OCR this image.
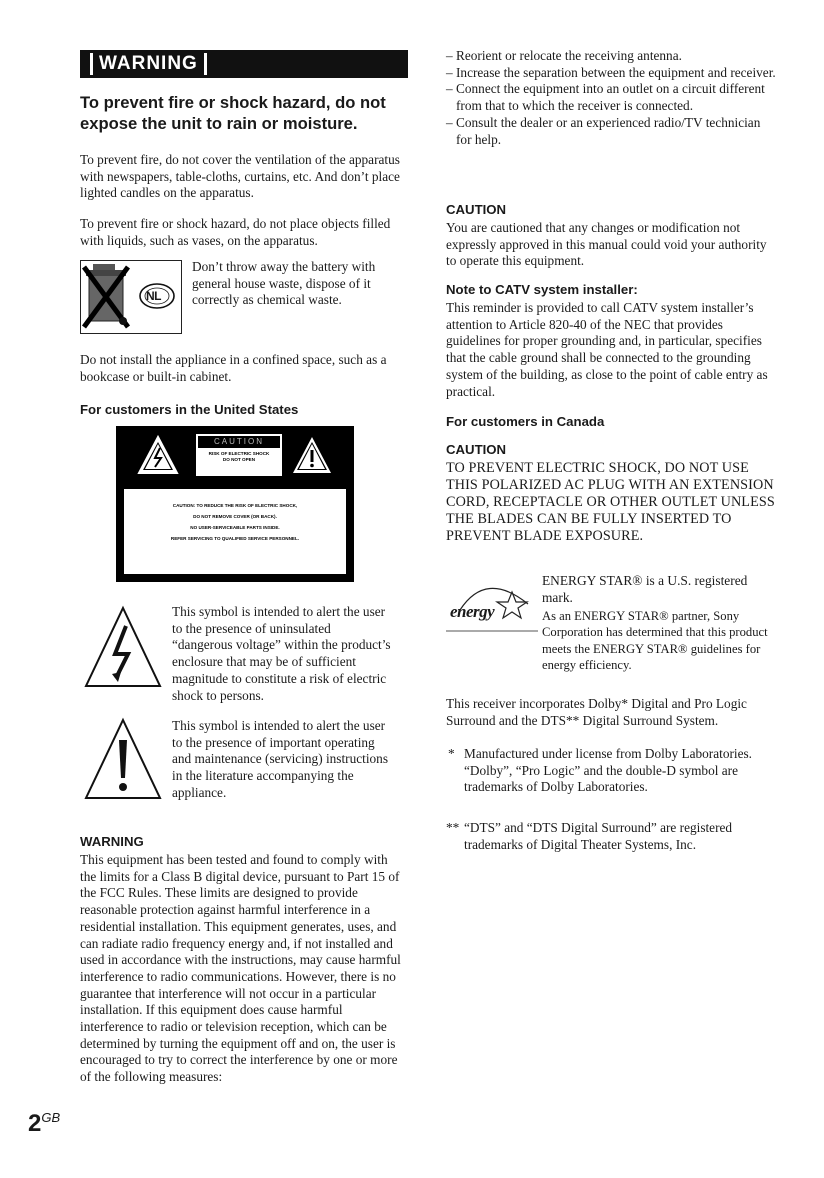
WARNING
To prevent fire or shock hazard, do not expose the unit to rain or moisture.

To prevent fire, do not cover the ventilation of the apparatus with newspapers, table-cloths, curtains, etc. And don’t place lighted candles on the apparatus.

To prevent fire or shock hazard, do not place objects filled with liquids, such as vases, on the apparatus.

NL

Don’t throw away the battery with general house waste, dispose of it correctly as chemical waste.

Do not install the appliance in a confined space, such as a bookcase or built-in cabinet.

For customers in the United States
CAUTION
RISK OF ELECTRIC SHOCK
DO NOT OPEN
CAUTION: TO REDUCE THE RISK OF ELECTRIC SHOCK,
DO NOT REMOVE COVER (OR BACK).
NO USER-SERVICEABLE PARTS INSIDE.
REFER SERVICING TO QUALIFIED SERVICE PERSONNEL.

This symbol is intended to alert the user to the presence of uninsulated “dangerous voltage” within the product’s enclosure that may be of sufficient magnitude to constitute a risk of electric shock to persons.

This symbol is intended to alert the user to the presence of important operating and maintenance (servicing) instructions in the literature accompanying the appliance.

WARNING

This equipment has been tested and found to comply with the limits for a Class B digital device, pursuant to Part 15 of the FCC Rules. These limits are designed to provide reasonable protection against harmful interference in a residential installation. This equipment generates, uses, and can radiate radio frequency energy and, if not installed and used in accordance with the instructions, may cause harmful interference to radio communications. However, there is no guarantee that interference will not occur in a particular installation. If this equipment does cause harmful interference to radio or television reception, which can be determined by turning the equipment off and on, the user is encouraged to try to correct the interference by one or more of the following measures:

$2^{GB}$
– Reorient or relocate the receiving antenna.
– Increase the separation between the equipment and receiver.
– Connect the equipment into an outlet on a circuit different from that to which the receiver is connected.
– Consult the dealer or an experienced radio/TV technician for help.
CAUTION

You are cautioned that any changes or modification not expressly approved in this manual could void your authority to operate this equipment.

Note to CATV system installer:

This reminder is provided to call CATV system installer’s attention to Article 820-40 of the NEC that provides guidelines for proper grounding and, in particular, specifies that the cable ground shall be connected to the grounding system of the building, as close to the point of cable entry as practical.

For customers in Canada
CAUTION

TO PREVENT ELECTRIC SHOCK, DO NOT USE THIS POLARIZED AC PLUG WITH AN EXTENSION CORD, RECEPTACLE OR OTHER OUTLET UNLESS THE BLADES CAN BE FULLY INSERTED TO PREVENT BLADE EXPOSURE.

energy

ENERGY STAR® is a U.S. registered mark.

As an ENERGY STAR® partner, Sony Corporation has determined that this product meets the ENERGY STAR® guidelines for energy efficiency.

This receiver incorporates Dolby* Digital and Pro Logic Surround and the DTS** Digital Surround System.

* Manufactured under license from Dolby Laboratories.

“Dolby”, “Pro Logic” and the double-D symbol are trademarks of Dolby Laboratories.

** “DTS” and “DTS Digital Surround” are registered trademarks of Digital Theater Systems, Inc.
